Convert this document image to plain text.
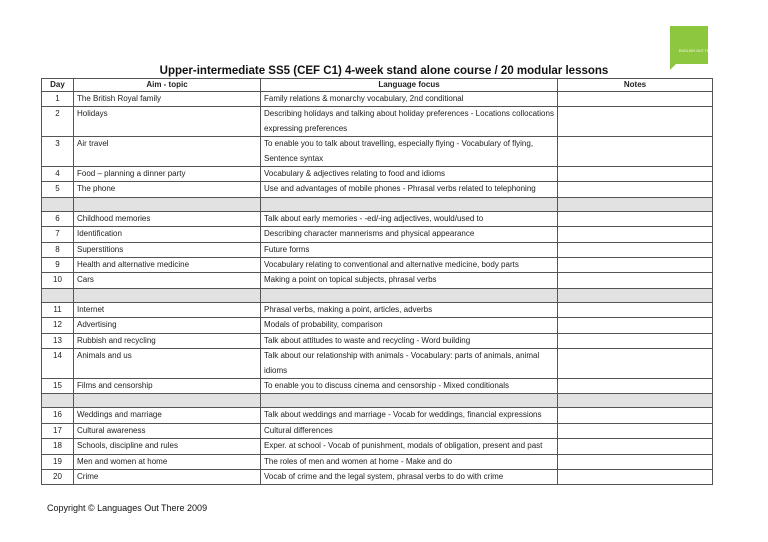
ENGLISH OUT THERE
Upper-intermediate SS5 (CEF C1) 4-week stand alone course / 20 modular lessons
Day	Aim - topic	Language focus	Notes
1	The British Royal family	Family relations & monarchy vocabulary, 2nd conditional	
2	Holidays	Describing holidays and talking about holiday preferences - Locations collocations expressing preferences	
3	Air travel	To enable you to talk about travelling, especially flying - Vocabulary of flying, Sentence syntax	
4	Food – planning a dinner party	Vocabulary & adjectives relating to food and idioms	
5	The phone	Use and advantages of mobile phones - Phrasal verbs related to telephoning	

6	Childhood memories	Talk about early memories - -ed/-ing adjectives, would/used to	
7	Identification	Describing character mannerisms and physical appearance	
8	Superstitions	Future forms	
9	Health and alternative medicine	Vocabulary relating to conventional and alternative medicine, body parts	
10	Cars	Making a point on topical subjects, phrasal verbs	

11	Internet	Phrasal verbs, making a point, articles, adverbs	
12	Advertising	Modals of probability, comparison	
13	Rubbish and recycling	Talk about attitudes to waste and recycling - Word building	
14	Animals and us	Talk about our relationship with animals - Vocabulary: parts of animals, animal idioms	
15	Films and censorship	To enable you to discuss cinema and censorship - Mixed conditionals	

16	Weddings and marriage	Talk about weddings and marriage - Vocab for weddings, financial expressions	
17	Cultural awareness	Cultural differences	
18	Schools, discipline and rules	Exper. at school - Vocab of punishment, modals of obligation, present and past	
19	Men and women at home	The roles of men and women at home - Make and do	
20	Crime	Vocab of crime and the legal system, phrasal verbs to do with crime	
Copyright © Languages Out There 2009
